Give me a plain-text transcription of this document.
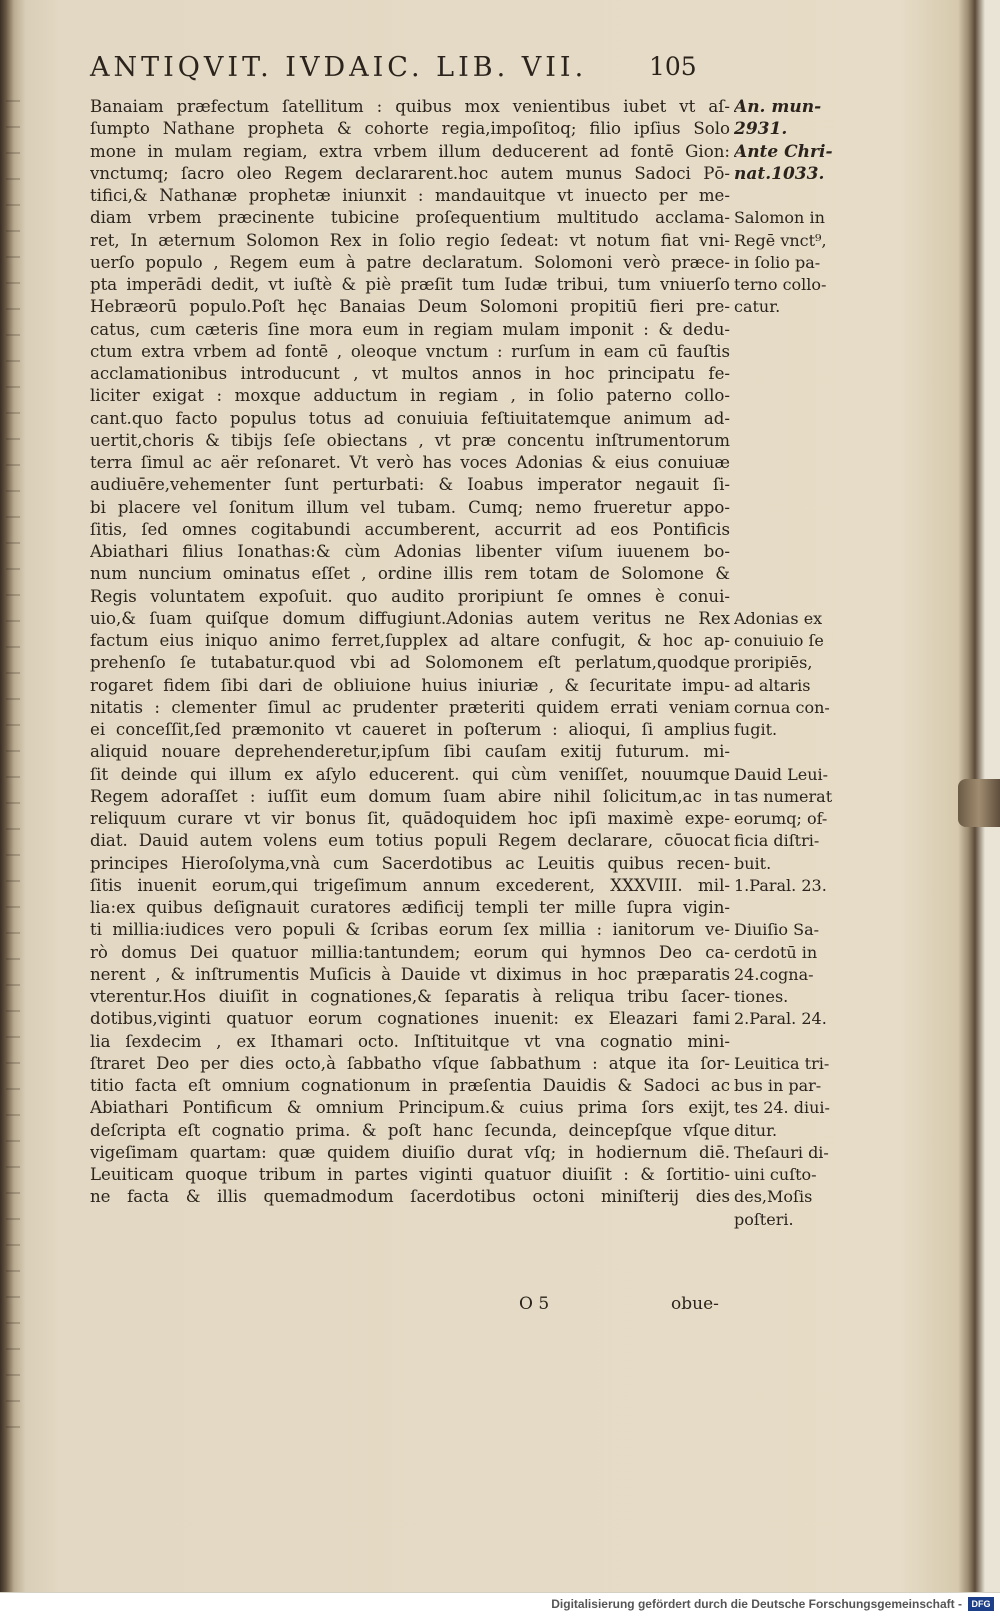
ANTIQVIT. IVDAIC. LIB. VII. 105
Banaiam præfectum ſatellitum : quibus mox venientibus iubet vt aſ-
ſumpto Nathane propheta & cohorte regia,impoſitoq; filio ipſius Solo
mone in mulam regiam, extra vrbem illum deducerent ad fontē Gion:
vnctumq; ſacro oleo Regem declararent.hoc autem munus Sadoci Pō-
tifici,& Nathanæ prophetæ iniunxit : mandauitque vt inuecto per me-
diam vrbem præcinente tubicine proſequentium multitudo acclama-
ret, In æternum Solomon Rex in ſolio regio ſedeat: vt notum fiat vni-
uerſo populo , Regem eum à patre declaratum. Solomoni verò præce-
pta imperādi dedit, vt iuſtè & piè præſit tum Iudæ tribui, tum vniuerſo
Hebræorū populo.Poſt hęc Banaias Deum Solomoni propitiū fieri pre-
catus, cum cæteris ſine mora eum in regiam mulam imponit : & dedu-
ctum extra vrbem ad fontē , oleoque vnctum : rurſum in eam cū fauſtis
acclamationibus introducunt , vt multos annos in hoc principatu fe-
liciter exigat : moxque adductum in regiam , in ſolio paterno collo-
cant.quo facto populus totus ad conuiuia feſtiuitatemque animum ad-
uertit,choris & tibijs ſeſe obiectans , vt præ concentu inſtrumentorum
terra ſimul ac aër reſonaret. Vt verò has voces Adonias & eius conuiuæ
audiuēre,vehementer ſunt perturbati: & Ioabus imperator negauit ſi-
bi placere vel ſonitum illum vel tubam. Cumq; nemo frueretur appo-
ſitis, ſed omnes cogitabundi accumberent, accurrit ad eos Pontificis
Abiathari filius Ionathas:& cùm Adonias libenter viſum iuuenem bo-
num nuncium ominatus eſſet , ordine illis rem totam de Solomone &
Regis voluntatem expoſuit. quo audito proripiunt ſe omnes è conui-
uio,& ſuam quiſque domum diffugiunt.Adonias autem veritus ne Rex
factum eius iniquo animo ferret,ſupplex ad altare confugit, & hoc ap-
prehenſo ſe tutabatur.quod vbi ad Solomonem eſt perlatum,quodque
rogaret fidem ſibi dari de obliuione huius iniuriæ , & ſecuritate impu-
nitatis : clementer ſimul ac prudenter præteriti quidem errati veniam
ei conceſſit,ſed præmonito vt caueret in poſterum : alioqui, ſi amplius
aliquid nouare deprehenderetur,ipſum ſibi cauſam exitij futurum. mi-
ſit deinde qui illum ex aſylo educerent. qui cùm veniſſet, nouumque
Regem adoraſſet : iuſſit eum domum ſuam abire nihil ſolicitum,ac in
reliquum curare vt vir bonus ſit, quādoquidem hoc ipſi maximè expe-
diat. Dauid autem volens eum totius populi Regem declarare, cōuocat
principes Hieroſolyma,vnà cum Sacerdotibus ac Leuitis quibus recen-
ſitis inuenit eorum,qui trigeſimum annum excederent, XXXVIII. mil-
lia:ex quibus deſignauit curatores ædificij templi ter mille ſupra vigin-
ti millia:iudices vero populi & ſcribas eorum ſex millia : ianitorum ve-
rò domus Dei quatuor millia:tantundem; eorum qui hymnos Deo ca-
nerent , & inſtrumentis Muſicis à Dauide vt diximus in hoc præparatis
vterentur.Hos diuiſit in cognationes,& ſeparatis à reliqua tribu ſacer-
dotibus,viginti quatuor eorum cognationes inuenit: ex Eleazari fami
lia ſexdecim , ex Ithamari octo. Inſtituitque vt vna cognatio mini-
ſtraret Deo per dies octo,à ſabbatho vſque ſabbathum : atque ita ſor-
titio facta eſt omnium cognationum in præſentia Dauidis & Sadoci ac
Abiathari Pontificum & omnium Principum.& cuius prima ſors exijt,
deſcripta eſt cognatio prima. & poſt hanc ſecunda, deincepſque vſque
vigeſimam quartam: quæ quidem diuiſio durat vſq; in hodiernum diē.
Leuiticam quoque tribum in partes viginti quatuor diuiſit : & ſortitio-
ne facta & illis quemadmodum ſacerdotibus octoni miniſterij dies
An. mun-
2931.
Ante Chri-
nat.1033.
Salomon in
Regē vnct⁹,
in ſolio pa-
terno collo-
catur.
Adonias ex
conuiuio ſe
proripiēs,
ad altaris
cornua con-
fugit.
Dauid Leui-
tas numerat
eorumq; of-
ficia diſtri-
buit.
1.Paral. 23.
Diuiſio Sa-
cerdotū in
24.cogna-
tiones.
2.Paral. 24.
Leuitica tri-
bus in par-
tes 24. diui-
ditur.
Theſauri di-
uini cuſto-
des,Moſis
poſteri.
O 5	obue-
Digitalisierung gefördert durch die Deutsche Forschungsgemeinschaft -	DFG
